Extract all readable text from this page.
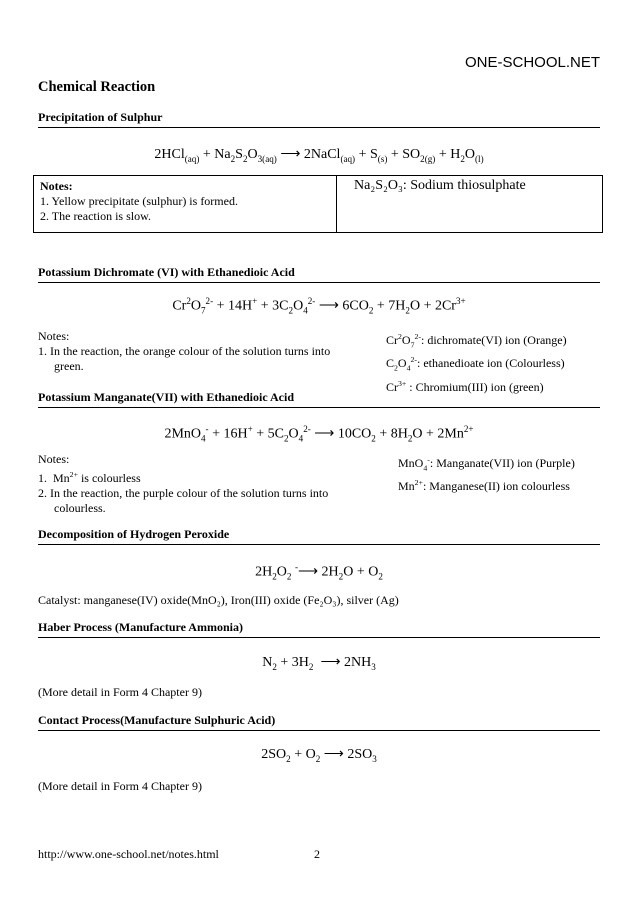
ONE-SCHOOL.NET
Chemical Reaction
Precipitation of Sulphur
$2HCl_{(aq)} + Na_2S_2O_{3(aq)}$ ⟶ 2NaCl$_{(aq)}$ + $S_{(s)} + SO_{2(g)} + H_2O_{(l)}$
Notes:
1. Yellow precipitate (sulphur) is formed.
2. The reaction is slow.
Na₂S₂O₃: Sodium thiosulphate
Potassium Dichromate (VI) with Ethanedioic Acid
$Cr^2O_7^{2-} + 14H^+ + 3C_2O_4^{2-}$ ⟶ $6CO_2 + 7H_2O + 2Cr^{3+}$
Notes:
1. In the reaction, the orange colour of the solution turns into green.
$Cr^2O_7^{2-}$: dichromate(VI) ion (Orange)
$C_2O_4^{2-}$: ethanedioate ion (Colourless)
$Cr^{3+}$ : Chromium(III) ion (green)
Potassium Manganate(VII) with Ethanedioic Acid
$2MnO_4^- + 16H^+ + 5C_2O_4^{2-}$ ⟶ $10CO_2 + 8H_2O + 2Mn^{2+}$
Notes:
1.  $Mn^{2+}$ is colourless
2. In the reaction, the purple colour of the solution turns into colourless.
MnO$_4$-: Manganate(VII) ion (Purple)
$Mn^{2+}$: Manganese(II) ion colourless
Decomposition of Hydrogen Peroxide
$2H_2O_2$ -⟶ $2H_2O + O_2$
Catalyst: manganese(IV) oxide(MnO₂), Iron(III) oxide (Fe₂O₃), silver (Ag)
Haber Process (Manufacture Ammonia)
$N_2 + 3H_2$  ⟶ $2NH_3$
(More detail in Form 4 Chapter 9)
Contact Process(Manufacture Sulphuric Acid)
$2SO_2 + O_2$ ⟶ $2SO_3$
(More detail in Form 4 Chapter 9)
http://www.one-school.net/notes.html	2
